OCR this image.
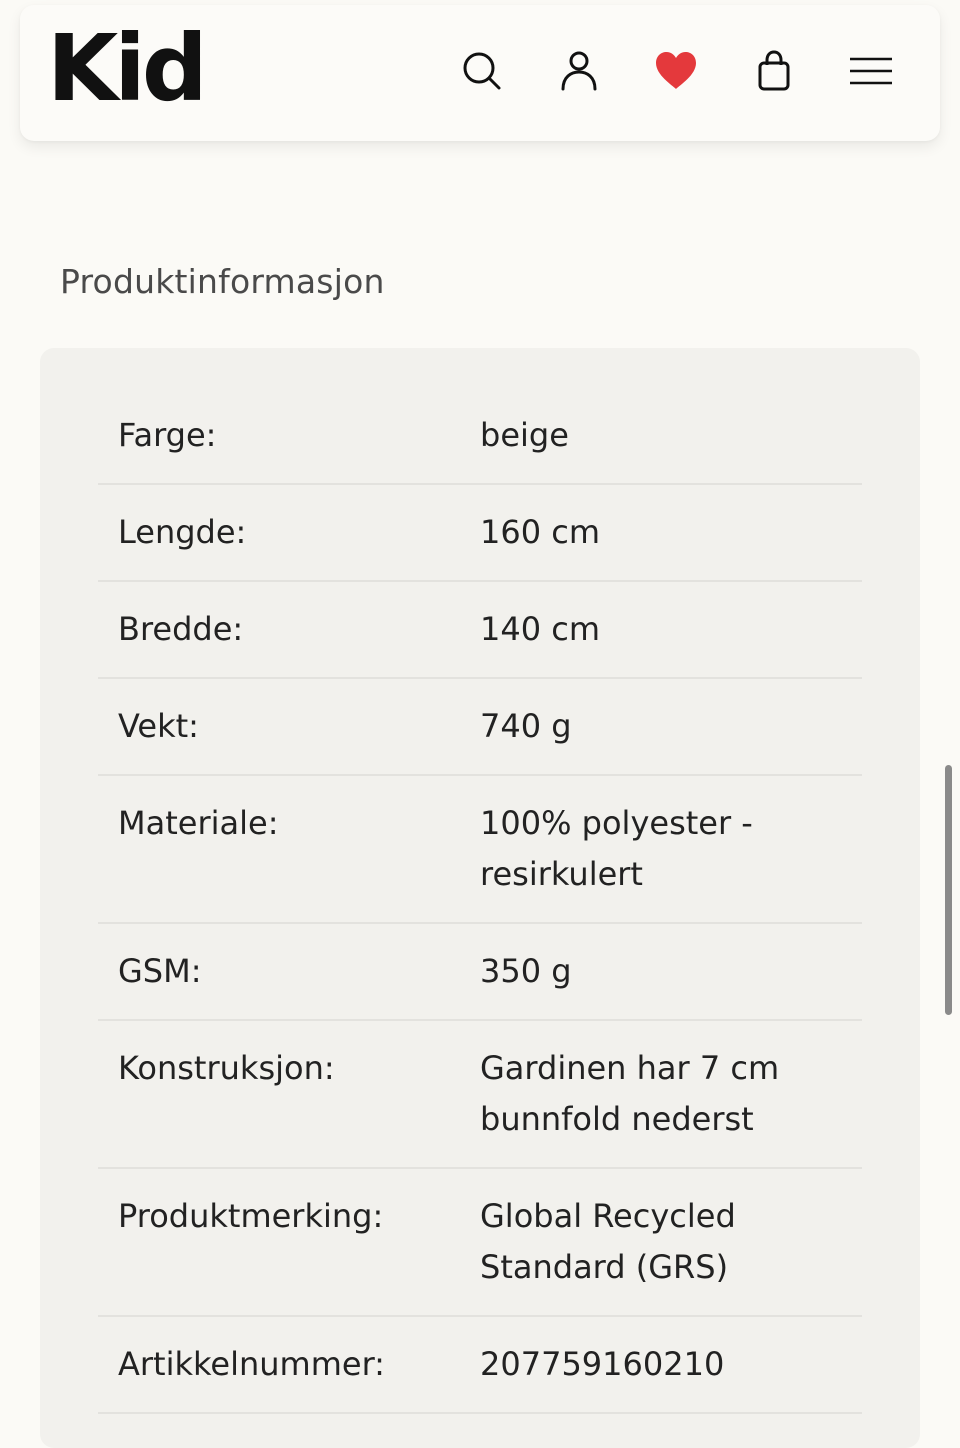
Kid
Produktinformasjon
Farge:	beige
Lengde:	160 cm
Bredde:	140 cm
Vekt:	740 g
Materiale:	100% polyester - resirkulert
GSM:	350 g
Konstruksjon:	Gardinen har 7 cm bunnfold nederst
Produktmerking:	Global Recycled Standard (GRS)
Artikkelnummer:	207759160210
